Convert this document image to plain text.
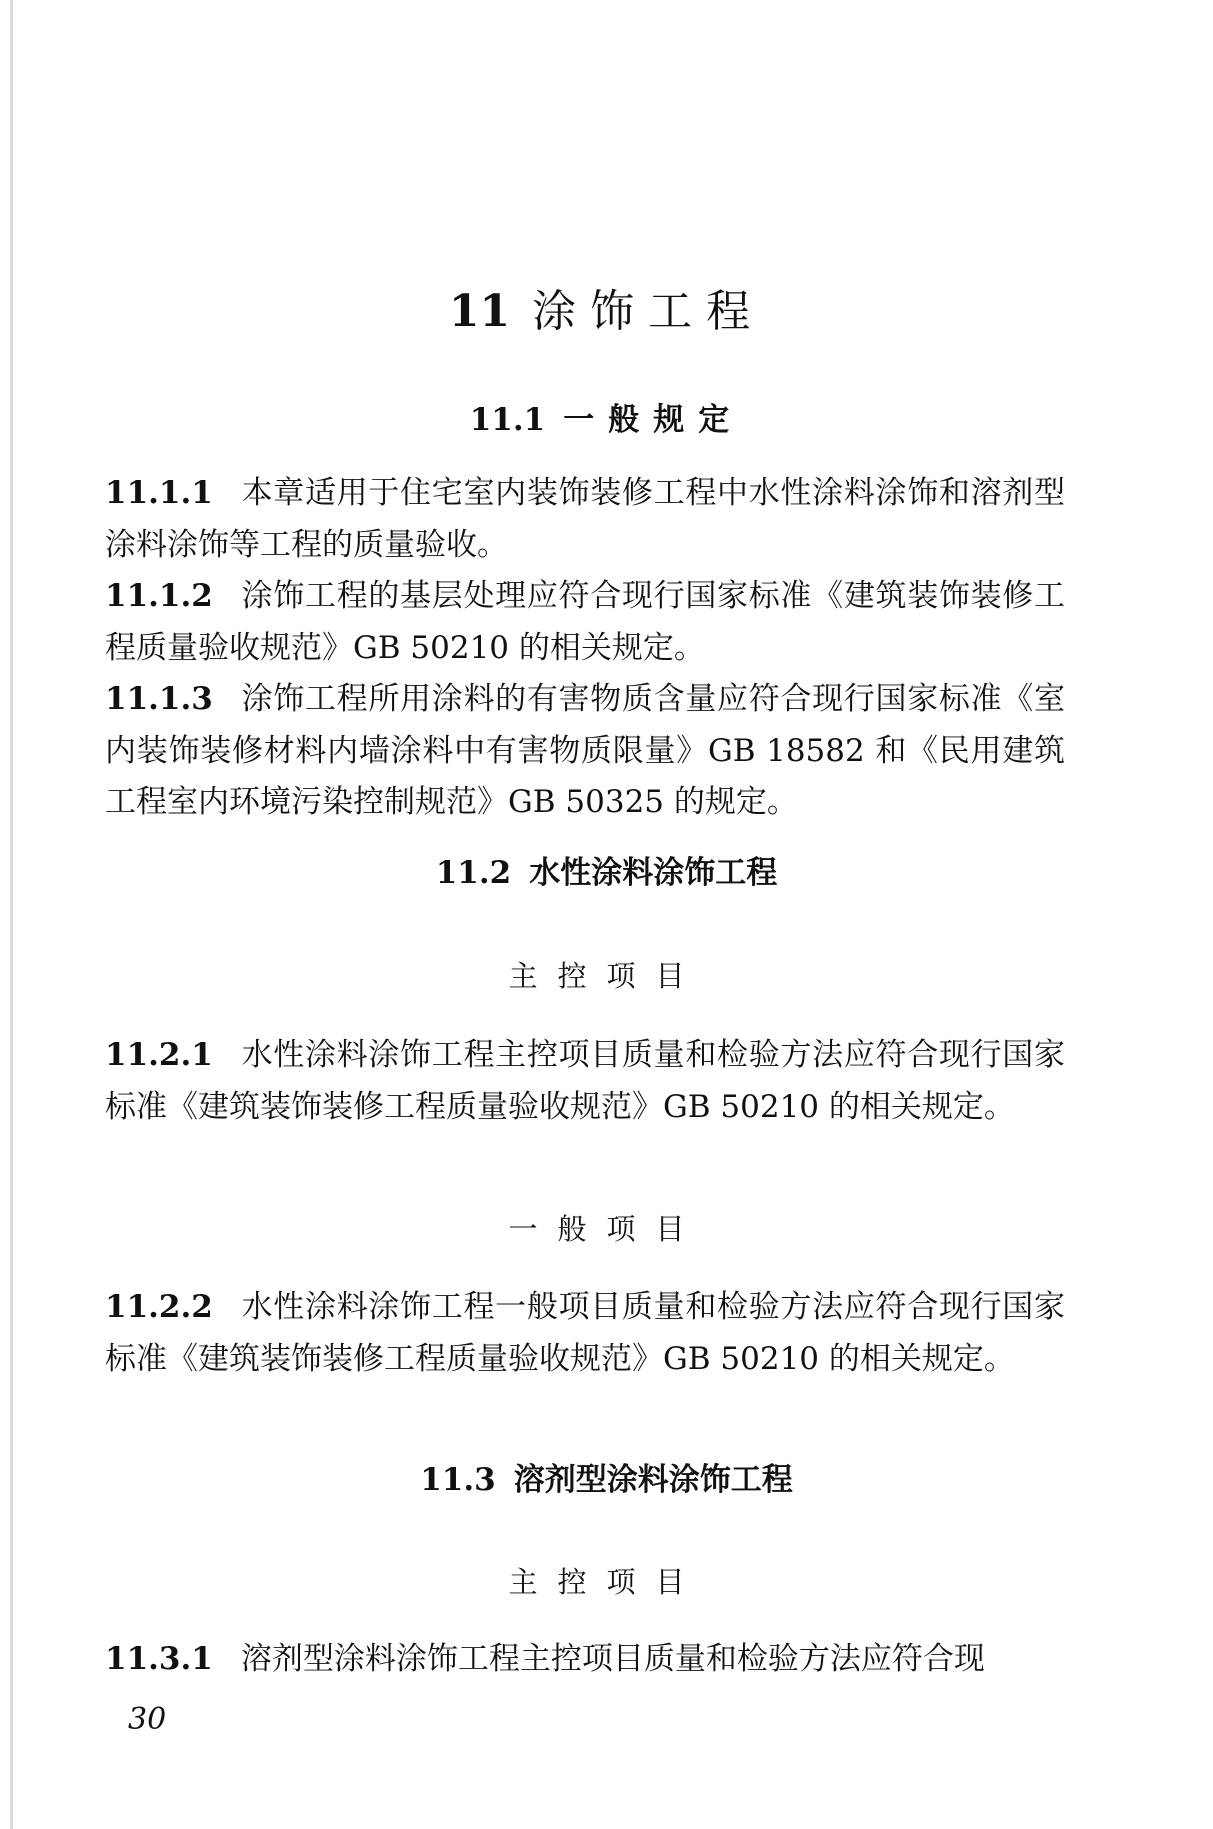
11 涂饰工程
11.1 一般规定
11.1.1 本章适用于住宅室内装饰装修工程中水性涂料涂饰和溶剂型涂料涂饰等工程的质量验收。
11.1.2 涂饰工程的基层处理应符合现行国家标准《建筑装饰装修工程质量验收规范》GB 50210 的相关规定。
11.1.3 涂饰工程所用涂料的有害物质含量应符合现行国家标准《室内装饰装修材料内墙涂料中有害物质限量》GB 18582 和《民用建筑工程室内环境污染控制规范》GB 50325 的规定。
11.2 水性涂料涂饰工程
主控项目
11.2.1 水性涂料涂饰工程主控项目质量和检验方法应符合现行国家标准《建筑装饰装修工程质量验收规范》GB 50210 的相关规定。
一般项目
11.2.2 水性涂料涂饰工程一般项目质量和检验方法应符合现行国家标准《建筑装饰装修工程质量验收规范》GB 50210 的相关规定。
11.3 溶剂型涂料涂饰工程
主控项目
11.3.1 溶剂型涂料涂饰工程主控项目质量和检验方法应符合现
30
